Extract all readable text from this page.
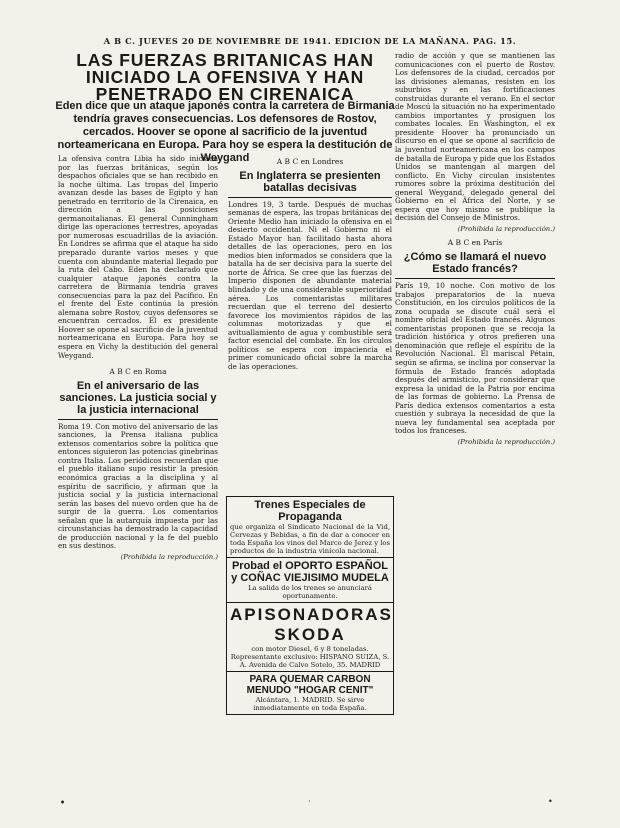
A B C. JUEVES 20 DE NOVIEMBRE DE 1941. EDICION DE LA MAÑANA. PAG. 15.
LAS FUERZAS BRITANICAS HAN INICIADO LA OFENSIVA Y HAN PENETRADO EN CIRENAICA
Eden dice que un ataque japonés contra la carretera de Birmania tendría graves consecuencias. Los defensores de Rostov, cercados. Hoover se opone al sacrificio de la juventud norteamericana en Europa. Para hoy se espera la destitución de Weygand
La ofensiva contra Libia ha sido iniciada por las fuerzas británicas, según los despachos oficiales que se han recibido en la noche última. Las tropas del Imperio avanzan desde las bases de Egipto y han penetrado en territorio de la Cirenaica, en dirección a las posiciones germanoitalianas. El general Cunningham dirige las operaciones terrestres, apoyadas por numerosas escuadrillas de la aviación. En Londres se afirma que el ataque ha sido preparado durante varios meses y que cuenta con abundante material llegado por la ruta del Cabo. Eden ha declarado que cualquier ataque japonés contra la carretera de Birmania tendría graves consecuencias para la paz del Pacífico. En el frente del Este continúa la presión alemana sobre Rostov, cuyos defensores se encuentran cercados. El ex presidente Hoover se opone al sacrificio de la juventud norteamericana en Europa. Para hoy se espera en Vichy la destitución del general Weygand.
A B C en Roma
En el aniversario de las sanciones. La justicia social y la justicia internacional
Roma 19. Con motivo del aniversario de las sanciones, la Prensa italiana publica extensos comentarios sobre la política que entonces siguieron las potencias ginebrinas contra Italia. Los periódicos recuerdan que el pueblo italiano supo resistir la presión económica gracias a la disciplina y al espíritu de sacrificio, y afirman que la justicia social y la justicia internacional serán las bases del nuevo orden que ha de surgir de la guerra. Los comentarios señalan que la autarquía impuesta por las circunstancias ha demostrado la capacidad de producción nacional y la fe del pueblo en sus destinos.
(Prohibida la reproducción.)
A B C en Londres
En Inglaterra se presienten batallas decisivas
Londres 19, 3 tarde. Después de muchas semanas de espera, las tropas británicas del Oriente Medio han iniciado la ofensiva en el desierto occidental. Ni el Gobierno ni el Estado Mayor han facilitado hasta ahora detalles de las operaciones, pero en los medios bien informados se considera que la batalla ha de ser decisiva para la suerte del norte de África. Se cree que las fuerzas del Imperio disponen de abundante material blindado y de una considerable superioridad aérea. Los comentaristas militares recuerdan que el terreno del desierto favorece los movimientos rápidos de las columnas motorizadas y que el avituallamiento de agua y combustible será factor esencial del combate. En los círculos políticos se espera con impaciencia el primer comunicado oficial sobre la marcha de las operaciones.
Trenes Especiales de Propaganda
que organiza el Sindicato Nacional de la Vid, Cervezas y Bebidas, a fin de dar a conocer en toda España los vinos del Marco de Jerez y los productos de la industria vinícola nacional.
Probad el OPORTO ESPAÑOL y COÑAC VIEJISIMO MUDELA
La salida de los trenes se anunciará oportunamente.
APISONADORAS SKODA
con motor Diesel, 6 y 8 toneladas. Representante exclusivo: HISPANO SUIZA, S. A. Avenida de Calvo Sotelo, 35. MADRID
PARA QUEMAR CARBON MENUDO "HOGAR CENIT"
Alcántara, 1. MADRID. Se sirve inmediatamente en toda España.
radio de acción y que se mantienen las comunicaciones con el puerto de Rostov. Los defensores de la ciudad, cercados por las divisiones alemanas, resisten en los suburbios y en las fortificaciones construidas durante el verano. En el sector de Moscú la situación no ha experimentado cambios importantes y prosiguen los combates locales. En Washington, el ex presidente Hoover ha pronunciado un discurso en el que se opone al sacrificio de la juventud norteamericana en los campos de batalla de Europa y pide que los Estados Unidos se mantengan al margen del conflicto. En Vichy circulan insistentes rumores sobre la próxima destitución del general Weygand, delegado general del Gobierno en el África del Norte, y se espera que hoy mismo se publique la decisión del Consejo de Ministros.
(Prohibida la reproducción.)
A B C en París
¿Cómo se llamará el nuevo Estado francés?
París 19, 10 noche. Con motivo de los trabajos preparatorios de la nueva Constitución, en los círculos políticos de la zona ocupada se discute cuál será el nombre oficial del Estado francés. Algunos comentaristas proponen que se recoja la tradición histórica y otros prefieren una denominación que refleje el espíritu de la Revolución Nacional. El mariscal Pétain, según se afirma, se inclina por conservar la fórmula de Estado francés adoptada después del armisticio, por considerar que expresa la unidad de la Patria por encima de las formas de gobierno. La Prensa de París dedica extensos comentarios a esta cuestión y subraya la necesidad de que la nueva ley fundamental sea aceptada por todos los franceses.
(Prohibida la reproducción.)
•	·	•
